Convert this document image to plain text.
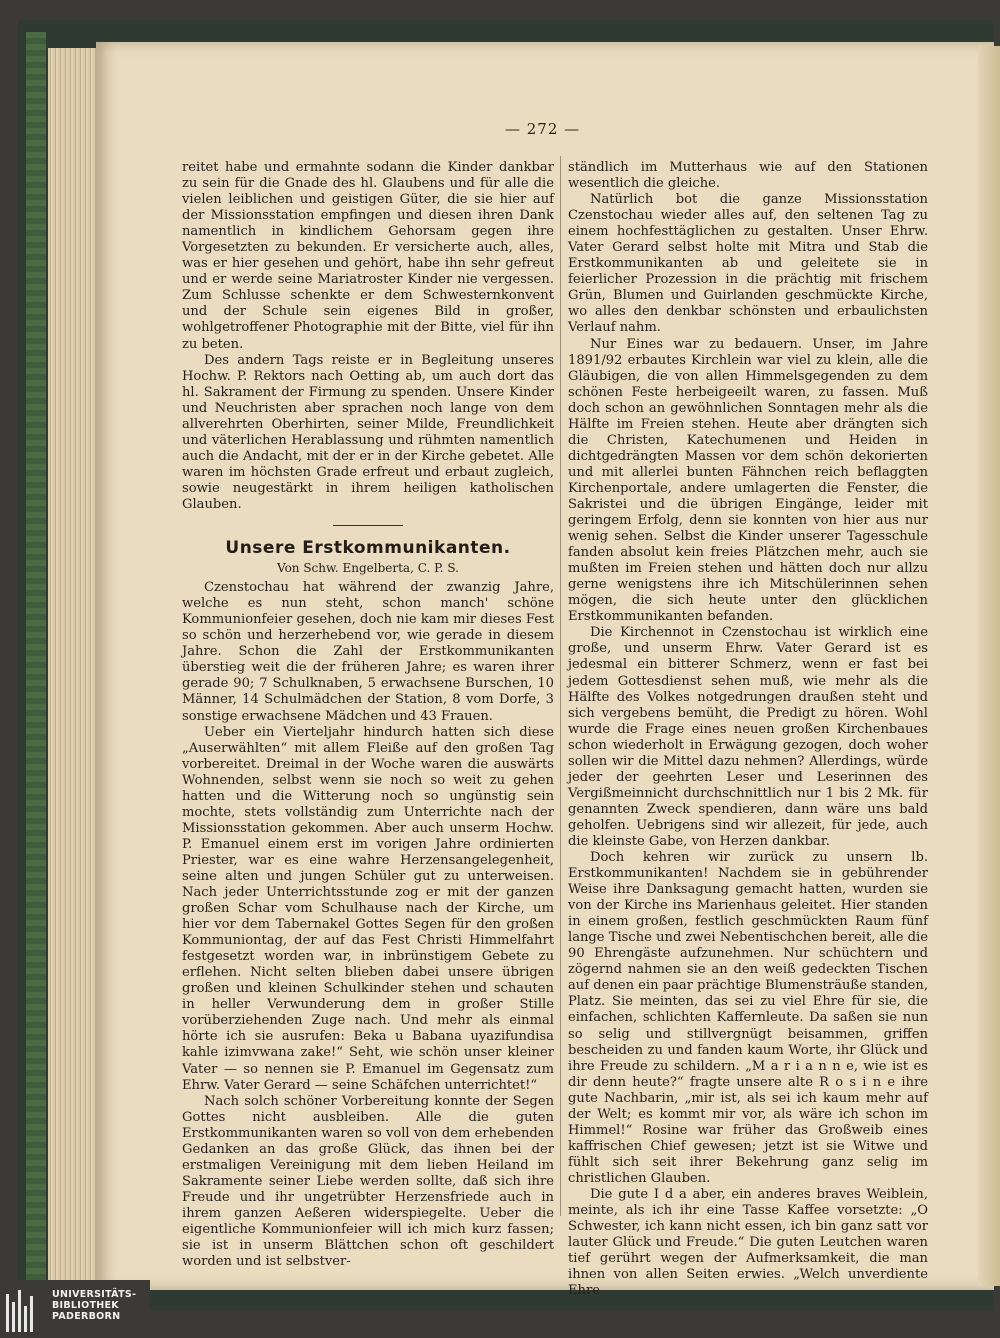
— 272 —

reitet habe und ermahnte sodann die Kinder dankbar zu sein für die Gnade des hl. Glaubens und für alle die vielen leiblichen und geistigen Güter, die sie hier auf der Missionsstation empfingen und diesen ihren Dank namentlich in kindlichem Gehorsam gegen ihre Vorgesetzten zu bekunden. Er versicherte auch, alles, was er hier gesehen und gehört, habe ihn sehr gefreut und er werde seine Mariatroster Kinder nie vergessen. Zum Schlusse schenkte er dem Schwesternkonvent und der Schule sein eigenes Bild in großer, wohlgetroffener Photographie mit der Bitte, viel für ihn zu beten.

Des andern Tags reiste er in Begleitung unseres Hochw. P. Rektors nach Oetting ab, um auch dort das hl. Sakrament der Firmung zu spenden. Unsere Kinder und Neuchristen aber sprachen noch lange von dem allverehrten Oberhirten, seiner Milde, Freundlichkeit und väterlichen Herablassung und rühmten namentlich auch die Andacht, mit der er in der Kirche gebetet. Alle waren im höchsten Grade erfreut und erbaut zugleich, sowie neugestärkt in ihrem heiligen katholischen Glauben.

Unsere Erstkommunikanten.
Von Schw. Engelberta, C. P. S.

Czenstochau hat während der zwanzig Jahre, welche es nun steht, schon manch' schöne Kommunionfeier gesehen, doch nie kam mir dieses Fest so schön und herzerhebend vor, wie gerade in diesem Jahre. Schon die Zahl der Erstkommunikanten überstieg weit die der früheren Jahre; es waren ihrer gerade 90; 7 Schulknaben, 5 erwachsene Burschen, 10 Männer, 14 Schulmädchen der Station, 8 vom Dorfe, 3 sonstige erwachsene Mädchen und 43 Frauen.

Ueber ein Vierteljahr hindurch hatten sich diese „Auserwählten“ mit allem Fleiße auf den großen Tag vorbereitet. Dreimal in der Woche waren die auswärts Wohnenden, selbst wenn sie noch so weit zu gehen hatten und die Witterung noch so ungünstig sein mochte, stets vollständig zum Unterrichte nach der Missionsstation gekommen. Aber auch unserm Hochw. P. Emanuel einem erst im vorigen Jahre ordinierten Priester, war es eine wahre Herzensangelegenheit, seine alten und jungen Schüler gut zu unterweisen. Nach jeder Unterrichtsstunde zog er mit der ganzen großen Schar vom Schulhause nach der Kirche, um hier vor dem Tabernakel Gottes Segen für den großen Kommuniontag, der auf das Fest Christi Himmelfahrt festgesetzt worden war, in inbrünstigem Gebete zu erflehen. Nicht selten blieben dabei unsere übrigen großen und kleinen Schulkinder stehen und schauten in heller Verwunderung dem in großer Stille vorüberziehenden Zuge nach. Und mehr als einmal hörte ich sie ausrufen: Beka u Babana uyazifundisa kahle izimvwana zake!“ Seht, wie schön unser kleiner Vater — so nennen sie P. Emanuel im Gegensatz zum Ehrw. Vater Gerard — seine Schäfchen unterrichtet!“

Nach solch schöner Vorbereitung konnte der Segen Gottes nicht ausbleiben. Alle die guten Erstkommunikanten waren so voll von dem erhebenden Gedanken an das große Glück, das ihnen bei der erstmaligen Vereinigung mit dem lieben Heiland im Sakramente seiner Liebe werden sollte, daß sich ihre Freude und ihr ungetrübter Herzensfriede auch in ihrem ganzen Aeßeren widerspiegelte. Ueber die eigentliche Kommunionfeier will ich mich kurz fassen; sie ist in unserm Blättchen schon oft geschildert worden und ist selbstver-

ständlich im Mutterhaus wie auf den Stationen wesentlich die gleiche.

Natürlich bot die ganze Missionsstation Czenstochau wieder alles auf, den seltenen Tag zu einem hochfesttäglichen zu gestalten. Unser Ehrw. Vater Gerard selbst holte mit Mitra und Stab die Erstkommunikanten ab und geleitete sie in feierlicher Prozession in die prächtig mit frischem Grün, Blumen und Guirlanden geschmückte Kirche, wo alles den denkbar schönsten und erbaulichsten Verlauf nahm.

Nur Eines war zu bedauern. Unser, im Jahre 1891/92 erbautes Kirchlein war viel zu klein, alle die Gläubigen, die von allen Himmelsgegenden zu dem schönen Feste herbeigeeilt waren, zu fassen. Muß doch schon an gewöhnlichen Sonntagen mehr als die Hälfte im Freien stehen. Heute aber drängten sich die Christen, Katechumenen und Heiden in dichtgedrängten Massen vor dem schön dekorierten und mit allerlei bunten Fähnchen reich beflaggten Kirchenportale, andere umlagerten die Fenster, die Sakristei und die übrigen Eingänge, leider mit geringem Erfolg, denn sie konnten von hier aus nur wenig sehen. Selbst die Kinder unserer Tagesschule fanden absolut kein freies Plätzchen mehr, auch sie mußten im Freien stehen und hätten doch nur allzu gerne wenigstens ihre ich Mitschülerinnen sehen mögen, die sich heute unter den glücklichen Erstkommunikanten befanden.

Die Kirchennot in Czenstochau ist wirklich eine große, und unserm Ehrw. Vater Gerard ist es jedesmal ein bitterer Schmerz, wenn er fast bei jedem Gottesdienst sehen muß, wie mehr als die Hälfte des Volkes notgedrungen draußen steht und sich vergebens bemüht, die Predigt zu hören. Wohl wurde die Frage eines neuen großen Kirchenbaues schon wiederholt in Erwägung gezogen, doch woher sollen wir die Mittel dazu nehmen? Allerdings, würde jeder der geehrten Leser und Leserinnen des Vergißmeinnicht durchschnittlich nur 1 bis 2 Mk. für genannten Zweck spendieren, dann wäre uns bald geholfen. Uebrigens sind wir allezeit, für jede, auch die kleinste Gabe, von Herzen dankbar.

Doch kehren wir zurück zu unsern lb. Erstkommunikanten! Nachdem sie in gebührender Weise ihre Danksagung gemacht hatten, wurden sie von der Kirche ins Marienhaus geleitet. Hier standen in einem großen, festlich geschmückten Raum fünf lange Tische und zwei Nebentischchen bereit, alle die 90 Ehrengäste aufzunehmen. Nur schüchtern und zögernd nahmen sie an den weiß gedeckten Tischen auf denen ein paar prächtige Blumensträuße standen, Platz. Sie meinten, das sei zu viel Ehre für sie, die einfachen, schlichten Kaffernleute. Da saßen sie nun so selig und stillvergnügt beisammen, griffen bescheiden zu und fanden kaum Worte, ihr Glück und ihre Freude zu schildern. „M a r i a n n e, wie ist es dir denn heute?“ fragte unsere alte R o s i n e ihre gute Nachbarin, „mir ist, als sei ich kaum mehr auf der Welt; es kommt mir vor, als wäre ich schon im Himmel!“ Rosine war früher das Großweib eines kaffrischen Chief gewesen; jetzt ist sie Witwe und fühlt sich seit ihrer Bekehrung ganz selig im christlichen Glauben.

Die gute I d a aber, ein anderes braves Weiblein, meinte, als ich ihr eine Tasse Kaffee vorsetzte: „O Schwester, ich kann nicht essen, ich bin ganz satt vor lauter Glück und Freude.“ Die guten Leutchen waren tief gerührt wegen der Aufmerksamkeit, die man ihnen von allen Seiten erwies. „Welch unverdiente Ehre

UNIVERSITÄTS-
BIBLIOTHEK
PADERBORN
